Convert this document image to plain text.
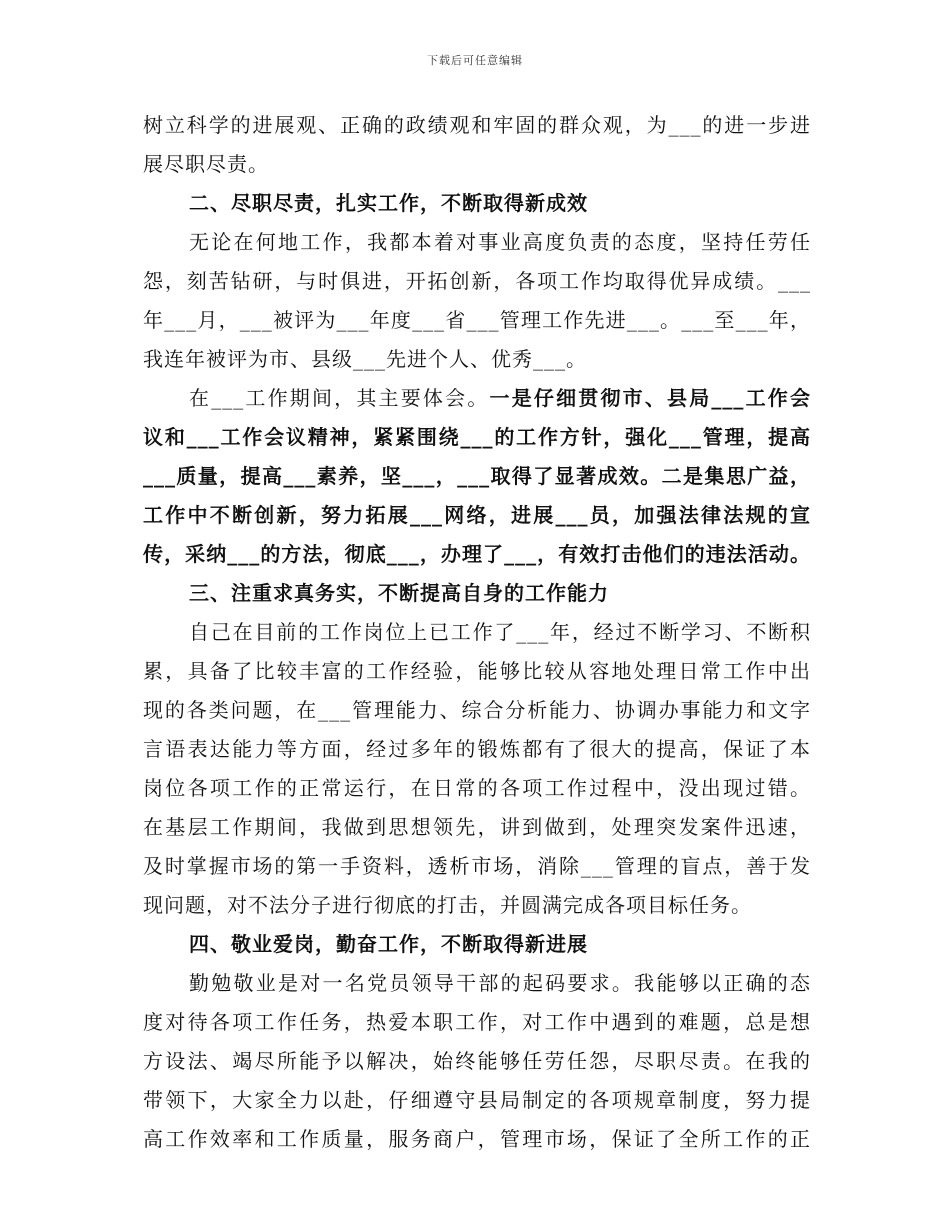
下载后可任意编辑
树立科学的进展观、正确的政绩观和牢固的群众观，为___的进一步进
展尽职尽责。
二、尽职尽责，扎实工作，不断取得新成效
无论在何地工作，我都本着对事业高度负责的态度，坚持任劳任
怨，刻苦钻研，与时俱进，开拓创新，各项工作均取得优异成绩。___
年___月，___被评为___年度___省___管理工作先进___。___至___年，
我连年被评为市、县级___先进个人、优秀___。
在___工作期间，其主要体会。一是仔细贯彻市、县局___工作会
议和___工作会议精神，紧紧围绕___的工作方针，强化___管理，提高
___质量，提高___素养，坚___，___取得了显著成效。二是集思广益，
工作中不断创新，努力拓展___网络，进展___员，加强法律法规的宣
传，采纳___的方法，彻底___，办理了___，有效打击他们的违法活动。
三、注重求真务实，不断提高自身的工作能力
自己在目前的工作岗位上已工作了___年，经过不断学习、不断积
累，具备了比较丰富的工作经验，能够比较从容地处理日常工作中出
现的各类问题，在___管理能力、综合分析能力、协调办事能力和文字
言语表达能力等方面，经过多年的锻炼都有了很大的提高，保证了本
岗位各项工作的正常运行，在日常的各项工作过程中，没出现过错。
在基层工作期间，我做到思想领先，讲到做到，处理突发案件迅速，
及时掌握市场的第一手资料，透析市场，消除___管理的盲点，善于发
现问题，对不法分子进行彻底的打击，并圆满完成各项目标任务。
四、敬业爱岗，勤奋工作，不断取得新进展
勤勉敬业是对一名党员领导干部的起码要求。我能够以正确的态
度对待各项工作任务，热爱本职工作，对工作中遇到的难题，总是想
方设法、竭尽所能予以解决，始终能够任劳任怨，尽职尽责。在我的
带领下，大家全力以赴，仔细遵守县局制定的各项规章制度，努力提
高工作效率和工作质量，服务商户，管理市场，保证了全所工作的正
